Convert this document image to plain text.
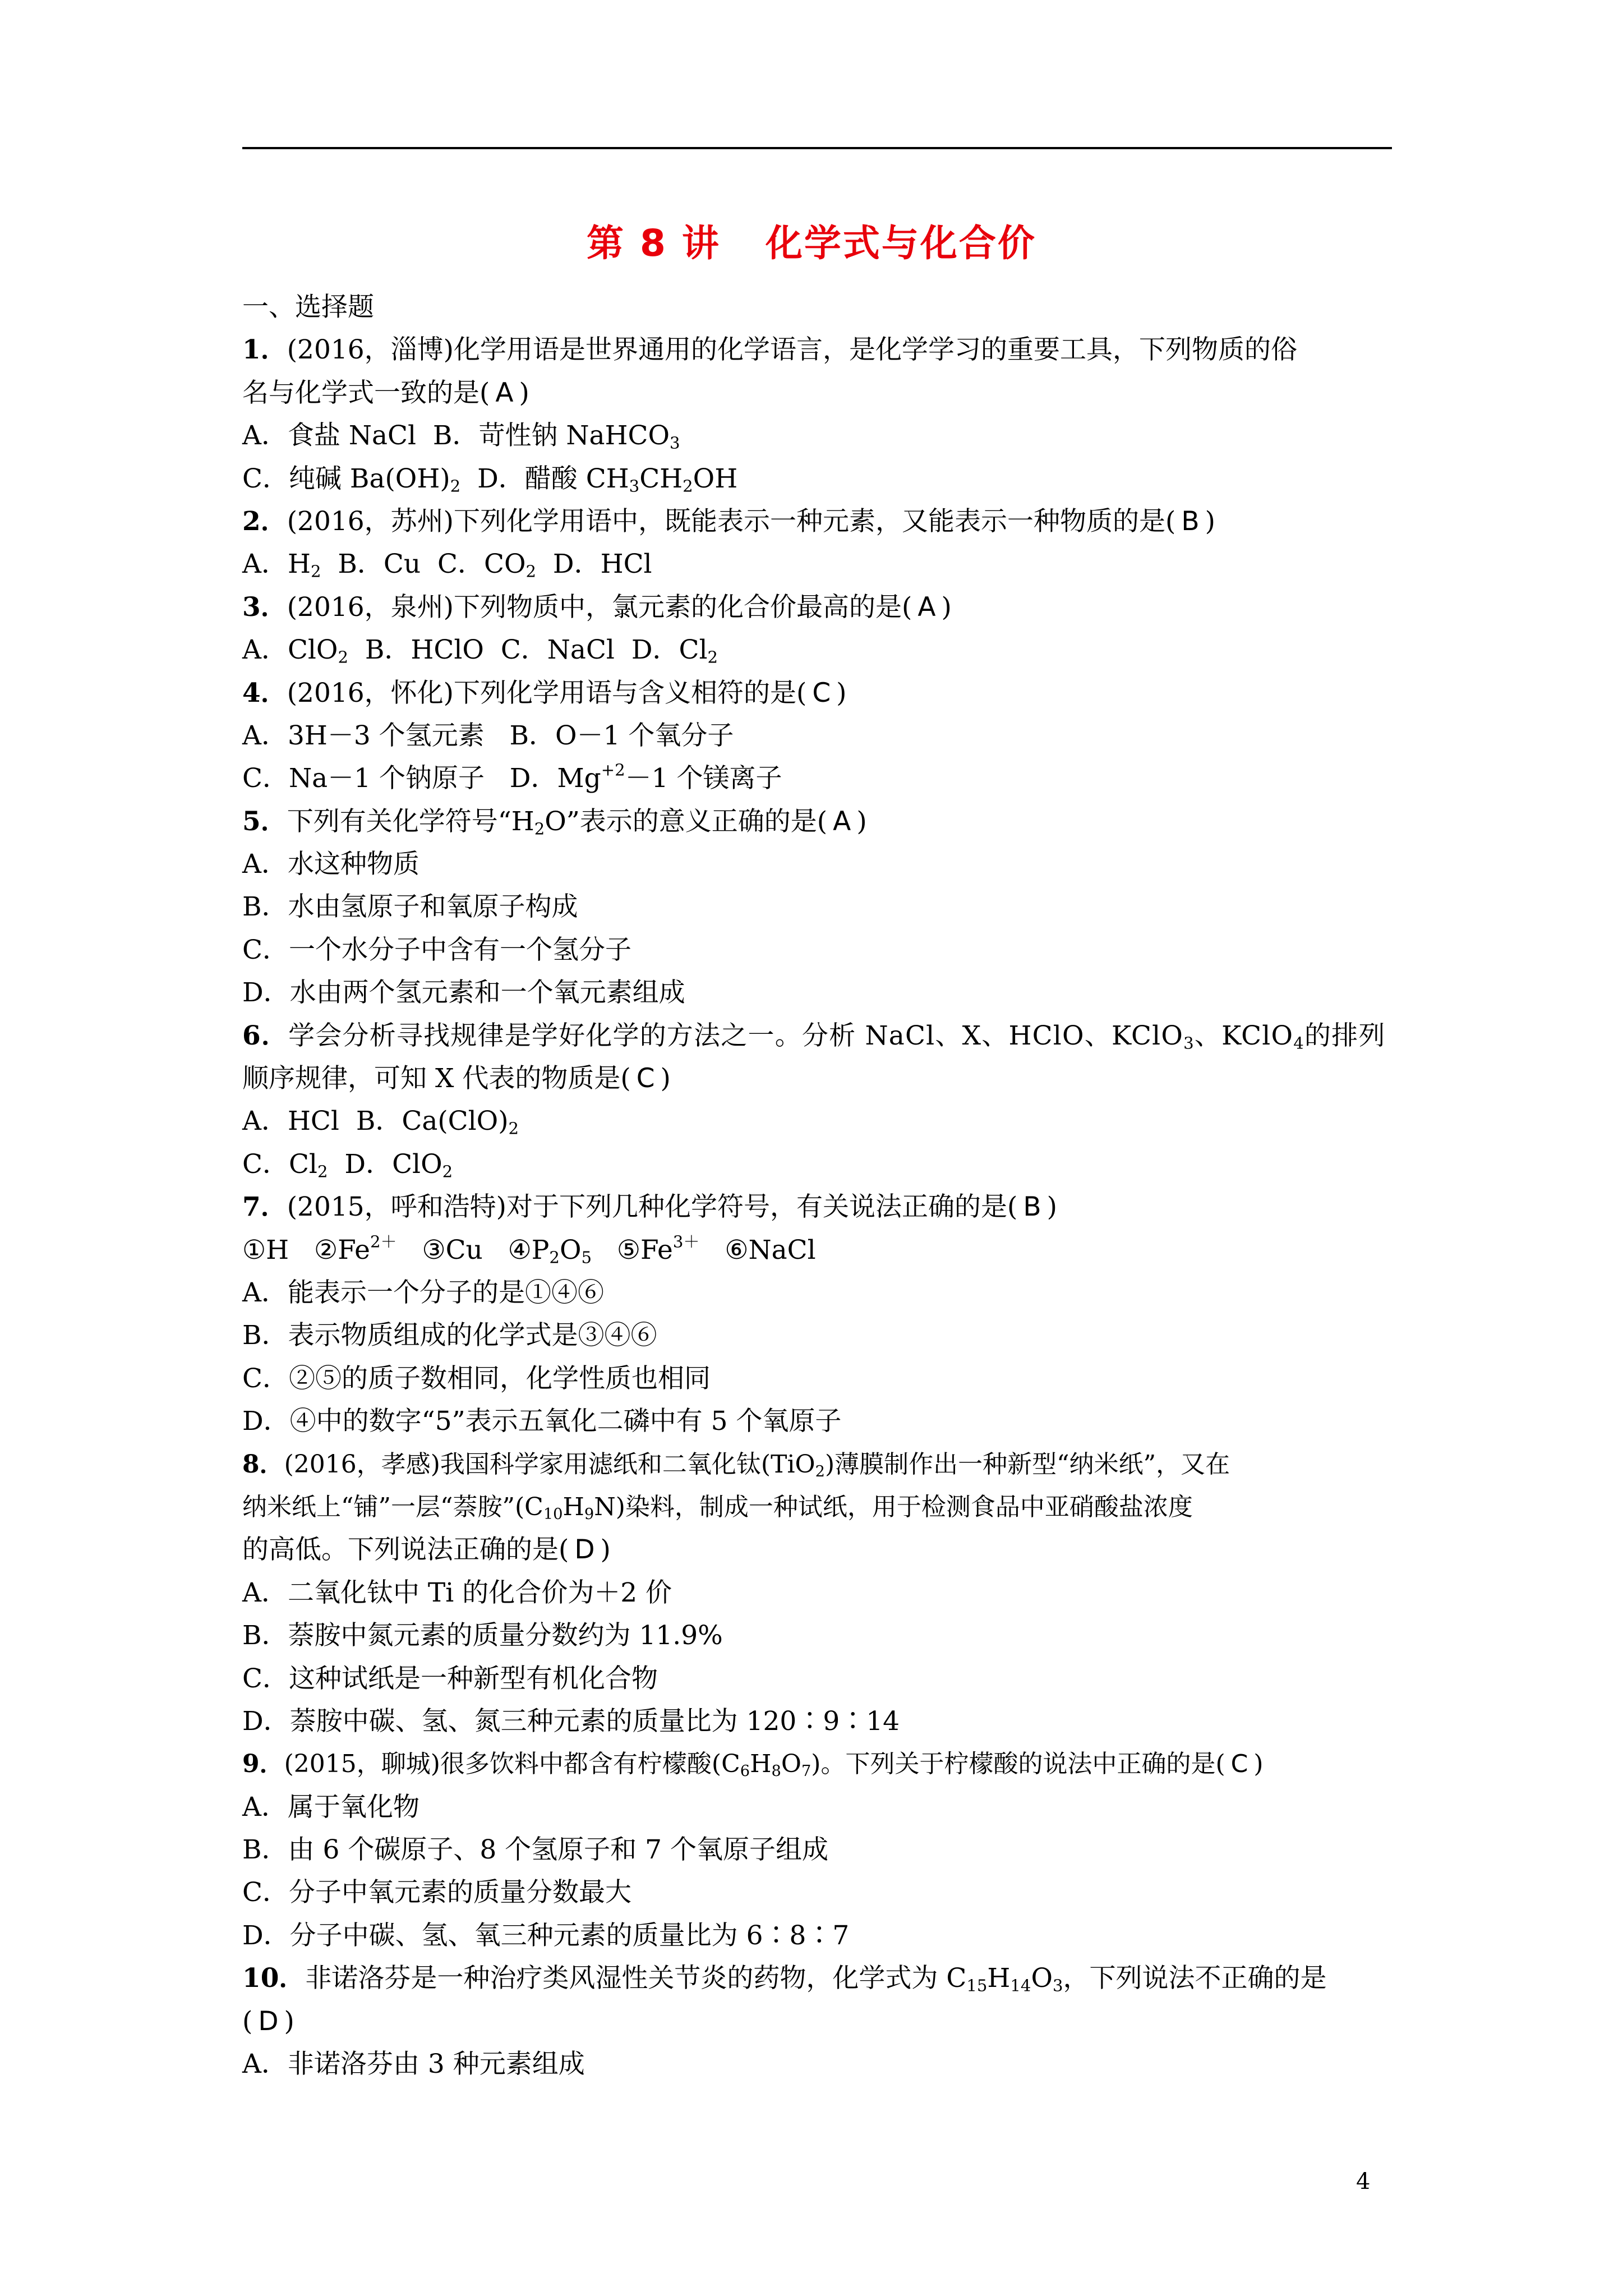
第 8 讲 化学式与化合价
一、选择题
1．(2016，淄博)化学用语是世界通用的化学语言，是化学学习的重要工具，下列物质的俗
名与化学式一致的是( A )
A．食盐 NaCl B．苛性钠 NaHCO$_3$
C．纯碱 $Ba(OH)_2$ D．醋酸 $CH_3CH_2OH$
2．(2016，苏州)下列化学用语中，既能表示一种元素，又能表示一种物质的是( B )
A．$H_2$ B．Cu C．$CO_2$ D．HCl
3．(2016，泉州)下列物质中，氯元素的化合价最高的是( A )
A．ClO$_2$ B．HClO C．NaCl D．$Cl_2$
4．(2016，怀化)下列化学用语与含义相符的是( C )
A．3H－3 个氢元素 B．O－1 个氧分子
C．Na－1 个钠原子 D．$Mg^{+2}-1$ 个镁离子
5．下列有关化学符号“$H_2O$”表示的意义正确的是( A )
A．水这种物质
B．水由氢原子和氧原子构成
C．一个水分子中含有一个氢分子
D．水由两个氢元素和一个氧元素组成
6．学会分析寻找规律是学好化学的方法之一。分析 NaCl、X、HClO、KClO$_3$、KClO$_4$的排列
顺序规律，可知 X 代表的物质是( C )
A．HCl B．$Ca(ClO)_2$
C．$Cl_2$ D．ClO$_2$
7．(2015，呼和浩特)对于下列几种化学符号，有关说法正确的是( B )
①H $②Fe^{2+}$ ③Cu $④P_2O_5$ $⑤Fe^{3+}$ ⑥NaCl
A．能表示一个分子的是①④⑥
B．表示物质组成的化学式是③④⑥
C．②⑤的质子数相同，化学性质也相同
D．④中的数字“5”表示五氧化二磷中有 5 个氧原子
8．(2016，孝感)我国科学家用滤纸和二氧化钛(TiO$_2$)薄膜制作出一种新型“纳米纸”，又在
纳米纸上“铺”一层“萘胺$”(C_{10}H_9N)$染料，制成一种试纸，用于检测食品中亚硝酸盐浓度
的高低。下列说法正确的是( D )
A．二氧化钛中 Ti 的化合价为＋2 价
B．萘胺中氮元素的质量分数约为 11.9%
C．这种试纸是一种新型有机化合物
D．萘胺中碳、氢、氮三种元素的质量比为 120∶9∶14
9．(2015，聊城)很多饮料中都含有柠檬酸$(C_6H_8O_7)$。下列关于柠檬酸的说法中正确的是( C )
A．属于氧化物
B．由 6 个碳原子、8 个氢原子和 7 个氧原子组成
C．分子中氧元素的质量分数最大
D．分子中碳、氢、氧三种元素的质量比为 6∶8∶7
10．非诺洛芬是一种治疗类风湿性关节炎的药物，化学式为 $C_{15}H_{14}O_3$，下列说法不正确的是
( D )
A．非诺洛芬由 3 种元素组成
4
